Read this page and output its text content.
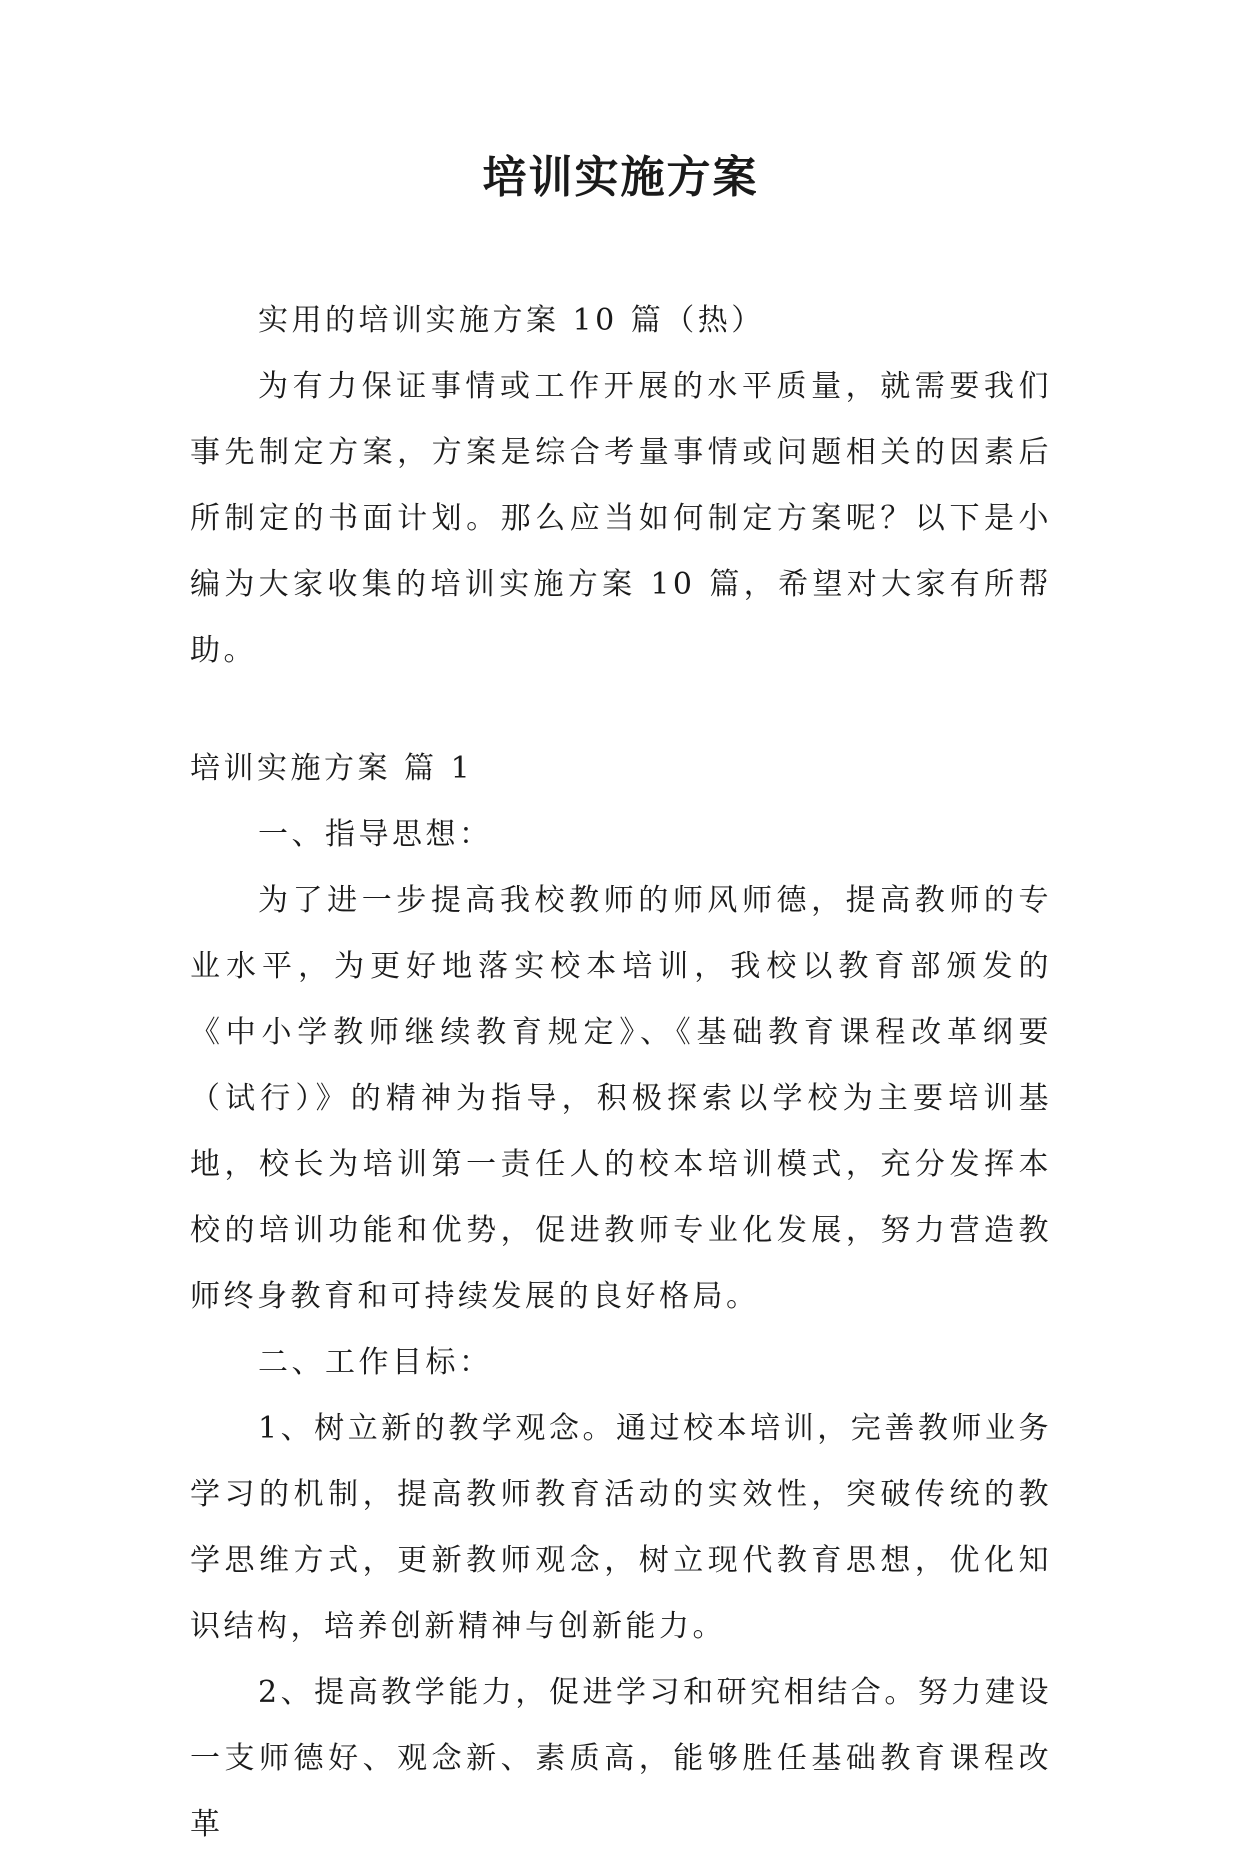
培训实施方案

实用的培训实施方案 10 篇（热）

为有力保证事情或工作开展的水平质量，就需要我们事先制定方案，方案是综合考量事情或问题相关的因素后所制定的书面计划。那么应当如何制定方案呢？以下是小编为大家收集的培训实施方案 10 篇，希望对大家有所帮助。

培训实施方案 篇 1

一、指导思想：

为了进一步提高我校教师的师风师德，提高教师的专业水平，为更好地落实校本培训，我校以教育部颁发的《中小学教师继续教育规定》、《基础教育课程改革纲要（试行）》的精神为指导，积极探索以学校为主要培训基地，校长为培训第一责任人的校本培训模式，充分发挥本校的培训功能和优势，促进教师专业化发展，努力营造教师终身教育和可持续发展的良好格局。

二、工作目标：

1、树立新的教学观念。通过校本培训，完善教师业务学习的机制，提高教师教育活动的实效性，突破传统的教学思维方式，更新教师观念，树立现代教育思想，优化知识结构，培养创新精神与创新能力。

2、提高教学能力，促进学习和研究相结合。努力建设一支师德好、观念新、素质高，能够胜任基础教育课程改革
